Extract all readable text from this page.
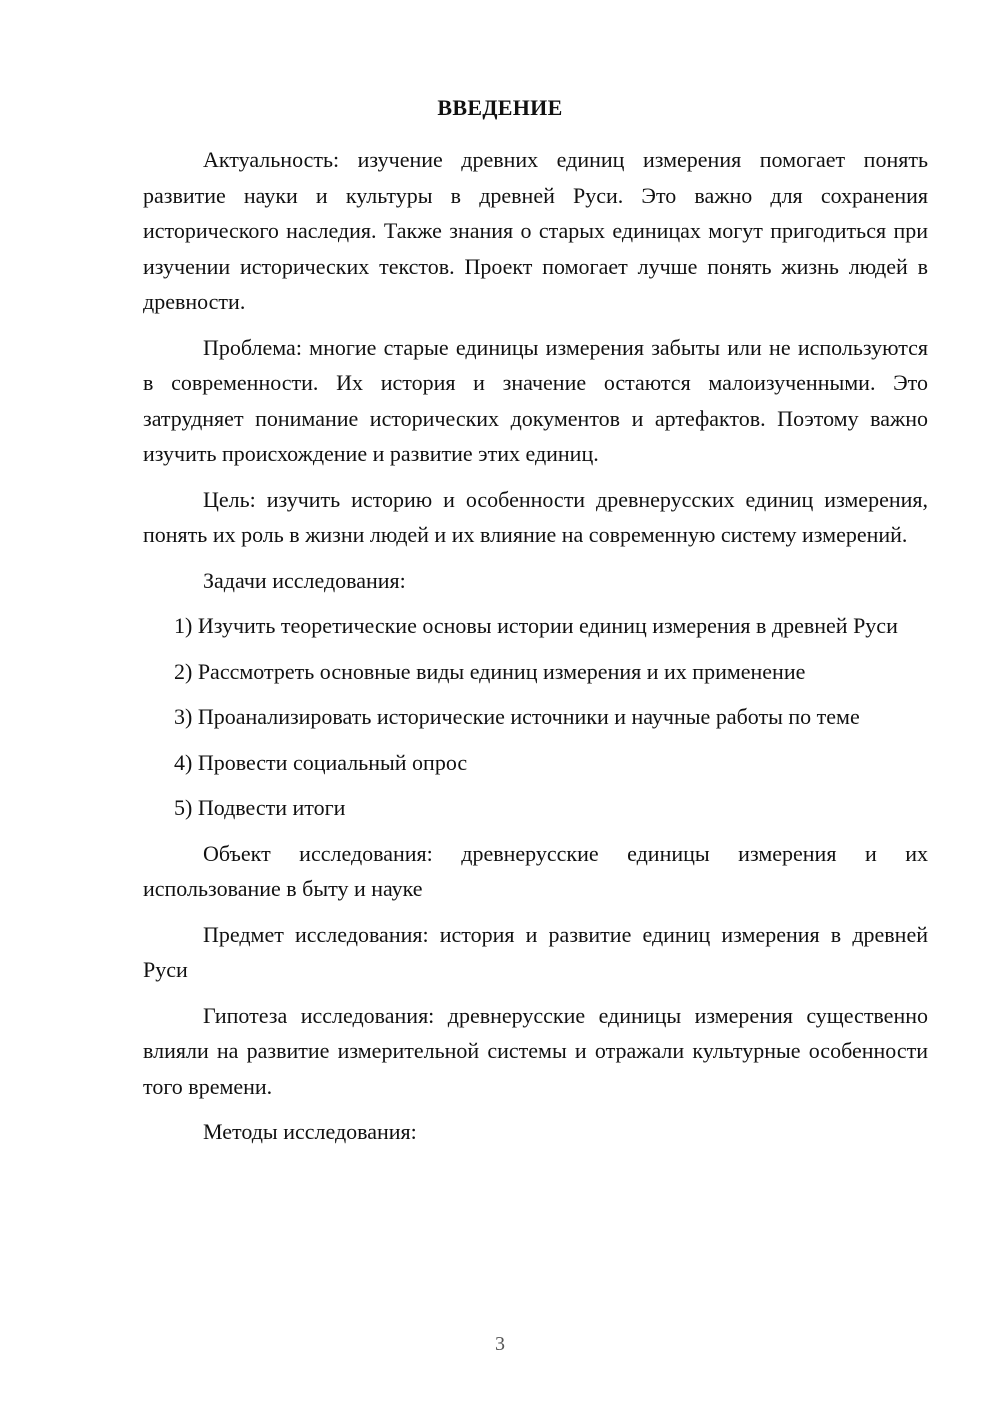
ВВЕДЕНИЕ

Актуальность: изучение древних единиц измерения помогает понять развитие науки и культуры в древней Руси. Это важно для сохранения исторического наследия. Также знания о старых единицах могут пригодиться при изучении исторических текстов. Проект помогает лучше понять жизнь людей в древности.

Проблема: многие старые единицы измерения забыты или не используются в современности. Их история и значение остаются малоизученными. Это затрудняет понимание исторических документов и артефактов. Поэтому важно изучить происхождение и развитие этих единиц.

Цель: изучить историю и особенности древнерусских единиц измерения, понять их роль в жизни людей и их влияние на современную систему измерений.

Задачи исследования:

1) Изучить теоретические основы истории единиц измерения в древней Руси

2) Рассмотреть основные виды единиц измерения и их применение

3) Проанализировать исторические источники и научные работы по теме

4) Провести социальный опрос

5) Подвести итоги

Объект исследования: древнерусские единицы измерения и их использование в быту и науке

Предмет исследования: история и развитие единиц измерения в древней Руси

Гипотеза исследования: древнерусские единицы измерения существенно влияли на развитие измерительной системы и отражали культурные особенности того времени.

Методы исследования:

3
